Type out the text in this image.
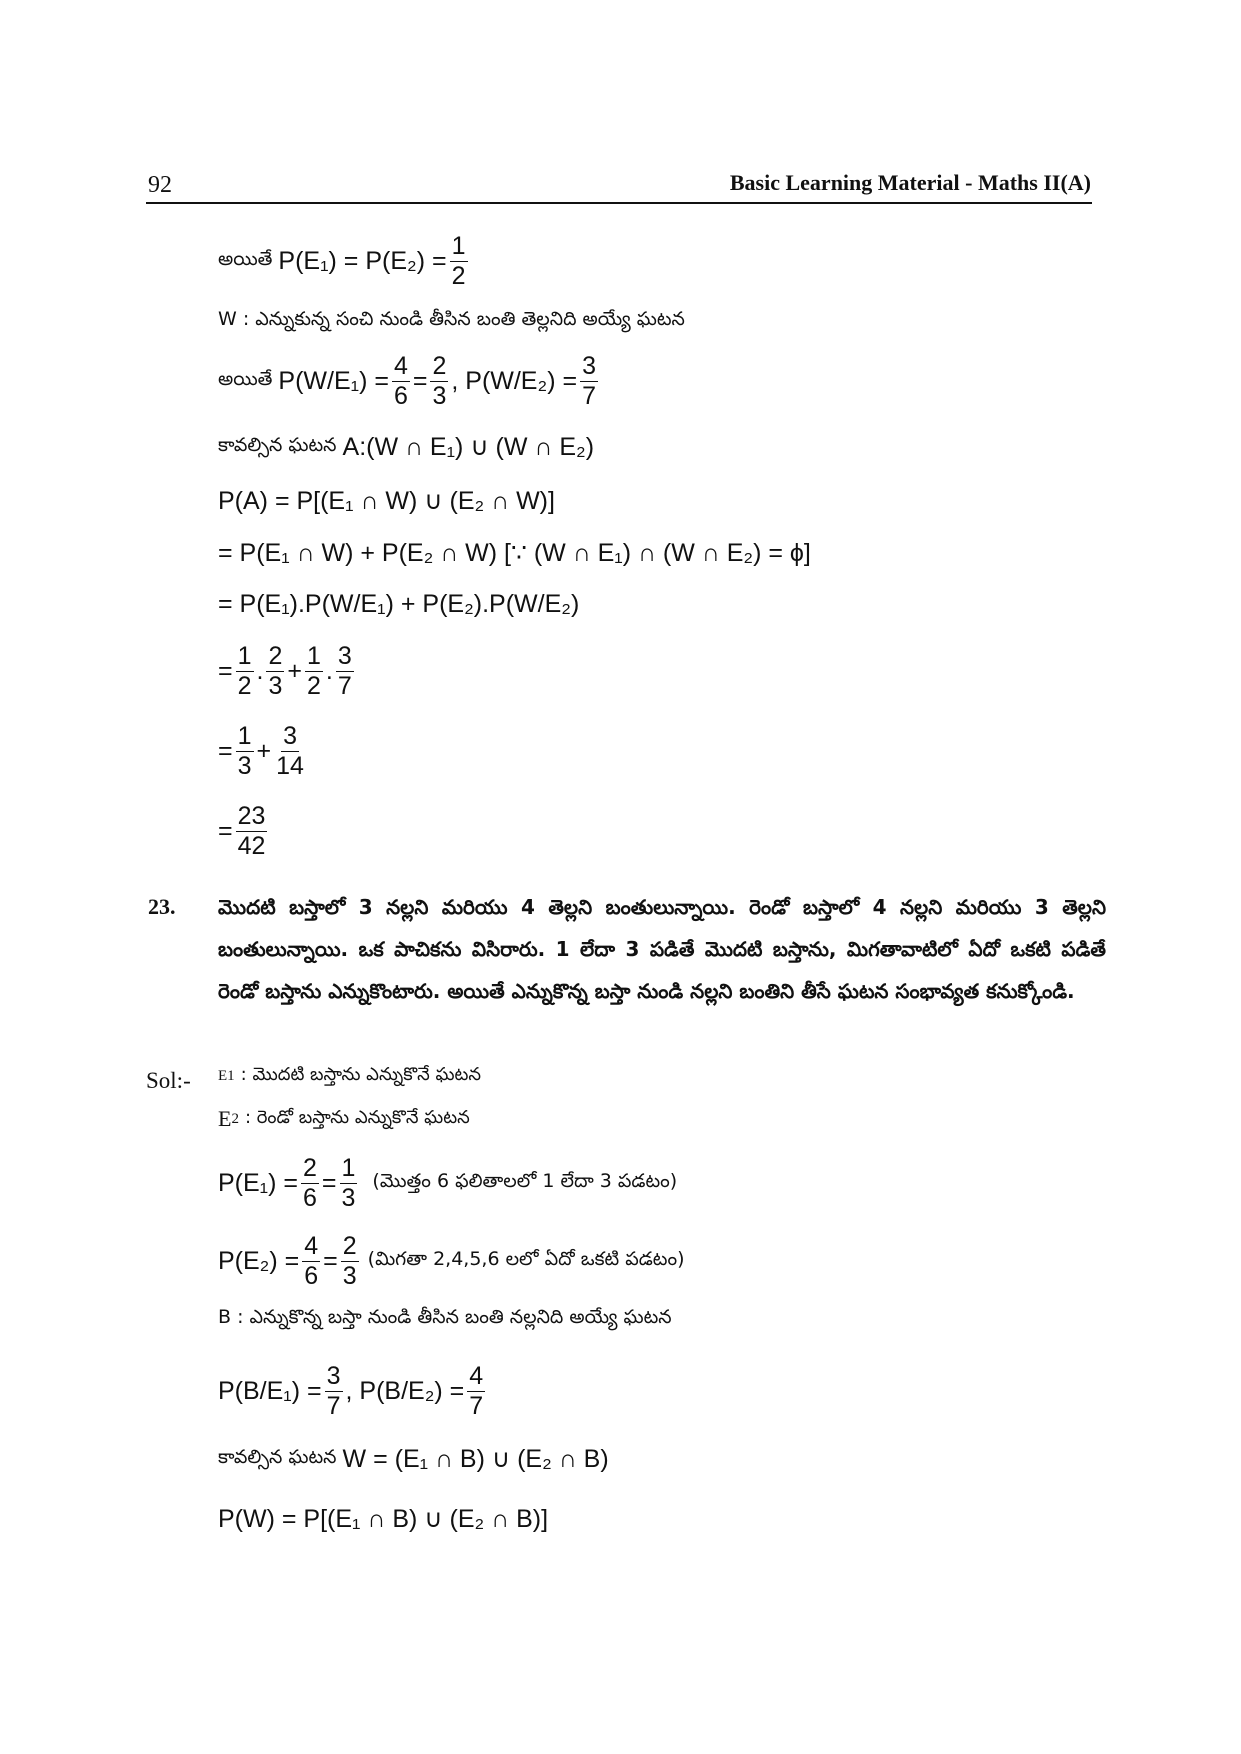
92	Basic Learning Material - Maths II(A)
అయితే $P(E_1) = P(E_2) = \frac{1}{2}$
W : ఎన్నుకున్న సంచి నుండి తీసిన బంతి తెల్లనిది అయ్యే ఘటన
అయితే $P(W/E_1) = \frac{4}{6} = \frac{2}{3}$ , $P(W/E_2) = \frac{3}{7}$
కావల్సిన ఘటన A:(W ∩ E₁) ∪ (W ∩ E₂)
P(A) = P[(E₁ ∩ W) ∪ (E₂ ∩ W)]
= P(E₁ ∩ W) + P(E₂ ∩ W) [∵ (W ∩ E₁) ∩ (W ∩ E₂) = ϕ]
= P(E₁).P(W/E₁) + P(E₂).P(W/E₂)
= $\frac{1}{2}$ . $\frac{2}{3} + \frac{1}{2}$ . $\frac{3}{7}$
= $\frac{1}{3} + \frac{3}{14}$
= $\frac{23}{42}$
23. మొదటి బస్తాలో 3 నల్లని మరియు 4 తెల్లని బంతులున్నాయి. రెండో బస్తాలో 4 నల్లని మరియు 3 తెల్లని బంతులున్నాయి. ఒక పాచికను విసిరారు. 1 లేదా 3 పడితే మొదటి బస్తాను, మిగతావాటిలో ఏదో ఒకటి పడితే రెండో బస్తాను ఎన్నుకొంటారు. అయితే ఎన్నుకొన్న బస్తా నుండి నల్లని బంతిని తీసే ఘటన సంభావ్యత కనుక్కోండి.
Sol:- E 1 : మొదటి బస్తాను ఎన్నుకొనే ఘటన
E 2 : రెండో బస్తాను ఎన్నుకొనే ఘటన
$P(E_1) = \frac{2}{6} = \frac{1}{3}$ (మొత్తం 6 ఫలితాలలో 1 లేదా 3 పడటం)
$P(E_2) = \frac{4}{6} = \frac{2}{3}$ (మిగతా 2,4,5,6 లలో ఏదో ఒకటి పడటం)
B : ఎన్నుకొన్న బస్తా నుండి తీసిన బంతి నల్లనిది అయ్యే ఘటన
$P(B/E_1) = \frac{3}{7}$ , $P(B/E_2) = \frac{4}{7}$
కావల్సిన ఘటన W = (E₁ ∩ B) ∪ (E₂ ∩ B)
P(W) = P[(E₁ ∩ B) ∪ (E₂ ∩ B)]
